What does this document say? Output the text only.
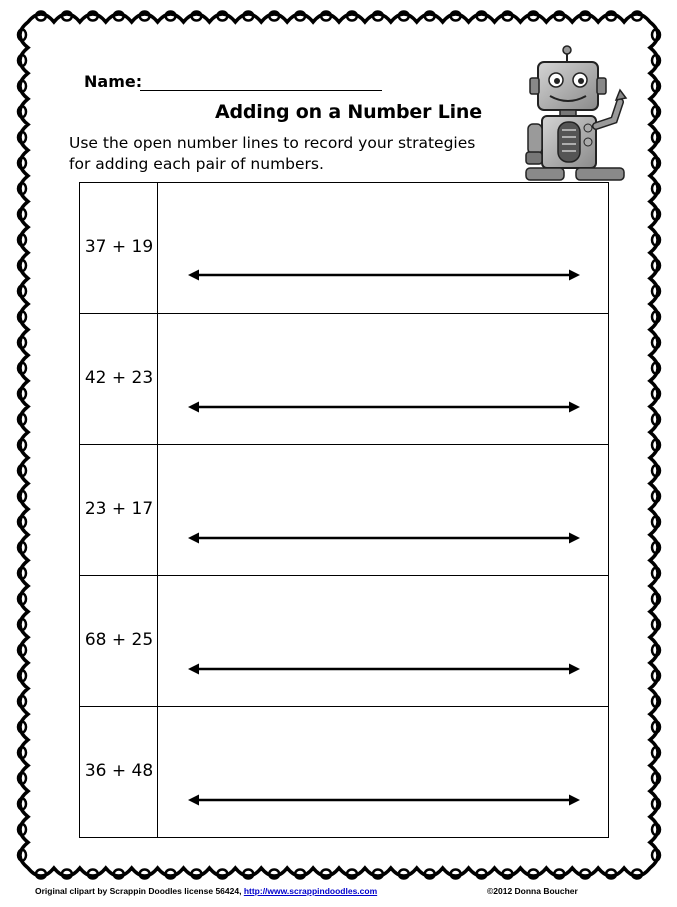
Name:
Adding on a Number Line
Use the open number lines to record your strategies
for adding each pair of numbers.
37 + 19
42 + 23
23 + 17
68 + 25
36 + 48
Original clipart by Scrappin Doodles license 56424, http://www.scrappindoodles.com	©2012 Donna Boucher
